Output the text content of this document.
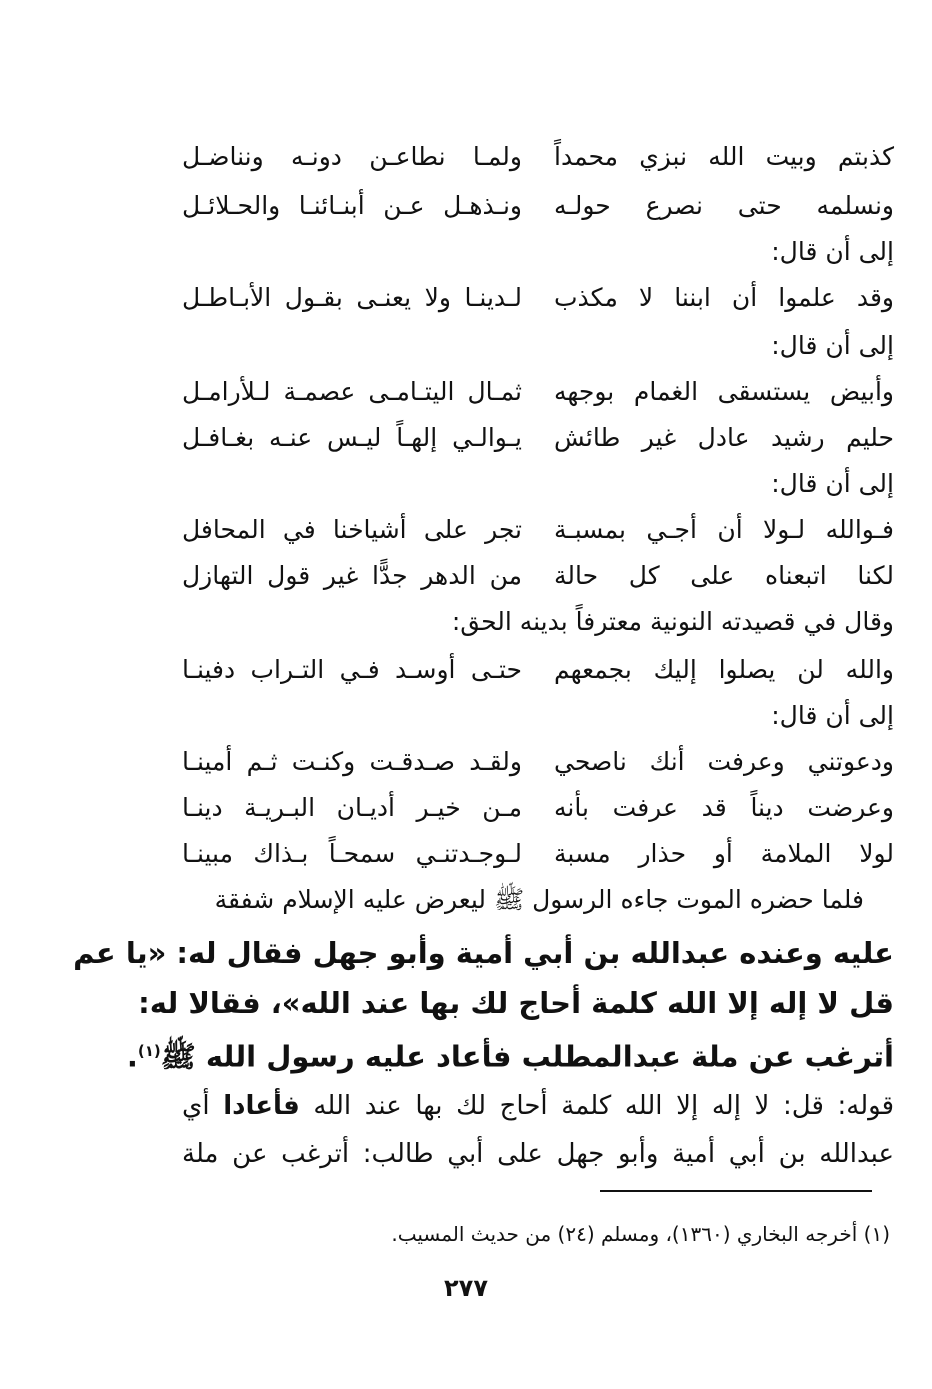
كذبتم وبيت الله نبزي محمداً
ولمـا نطاعـن دونـه ونناضـل
ونسلمه حتى نصرع حولـه
ونـذهـل عـن أبنـائنـا والحـلائـل
إلى أن قال:
وقد علموا أن ابننا لا مكذب
لـدينـا ولا يعنـى بقـول الأبـاطـل
إلى أن قال:
وأبيض يستسقى الغمام بوجهه
ثمـال اليتـامـى عصمـة لـلأرامـل
حليم رشيد عادل غير طائش
يـوالـي إلهـاً ليـس عنـه بغـافـل
إلى أن قال:
فـوالله لـولا أن أجـي بمسبـة
تجر على أشياخنا في المحافل
لكنا اتبعناه على كل حالة
من الدهر جدًّا غير قول التهازل
وقال في قصيدته النونية معترفاً بدينه الحق:
والله لن يصلوا إليك بجمعهم
حتـى أوسـد فـي التـراب دفينـا
إلى أن قال:
ودعوتني وعرفت أنك ناصحي
ولقـد صـدقـت وكنـت ثـم أمينـا
وعرضت ديناً قد عرفت بأنه
مـن خيـر أديـان البـريـة دينـا
لولا الملامة أو حذار مسبة
لـوجـدتنـي سمحـاً بـذاك مبينـا
فلما حضره الموت جاءه الرسول ﷺ ليعرض عليه الإسلام شفقة
عليه وعنده عبدالله بن أبي أمية وأبو جهل فقال له: «يا عم
قل لا إله إلا الله كلمة أحاج لك بها عند الله»، فقالا له:
أترغب عن ملة عبدالمطلب فأعاد عليه رسول الله ﷺ$^{(١)}$.
قوله: قل: لا إله إلا الله كلمة أحاج لك بها عند الله فأعادا أي
عبدالله بن أبي أمية وأبو جهل على أبي طالب: أترغب عن ملة
(١) أخرجه البخاري (١٣٦٠)، ومسلم (٢٤) من حديث المسيب.
٢٧٧
